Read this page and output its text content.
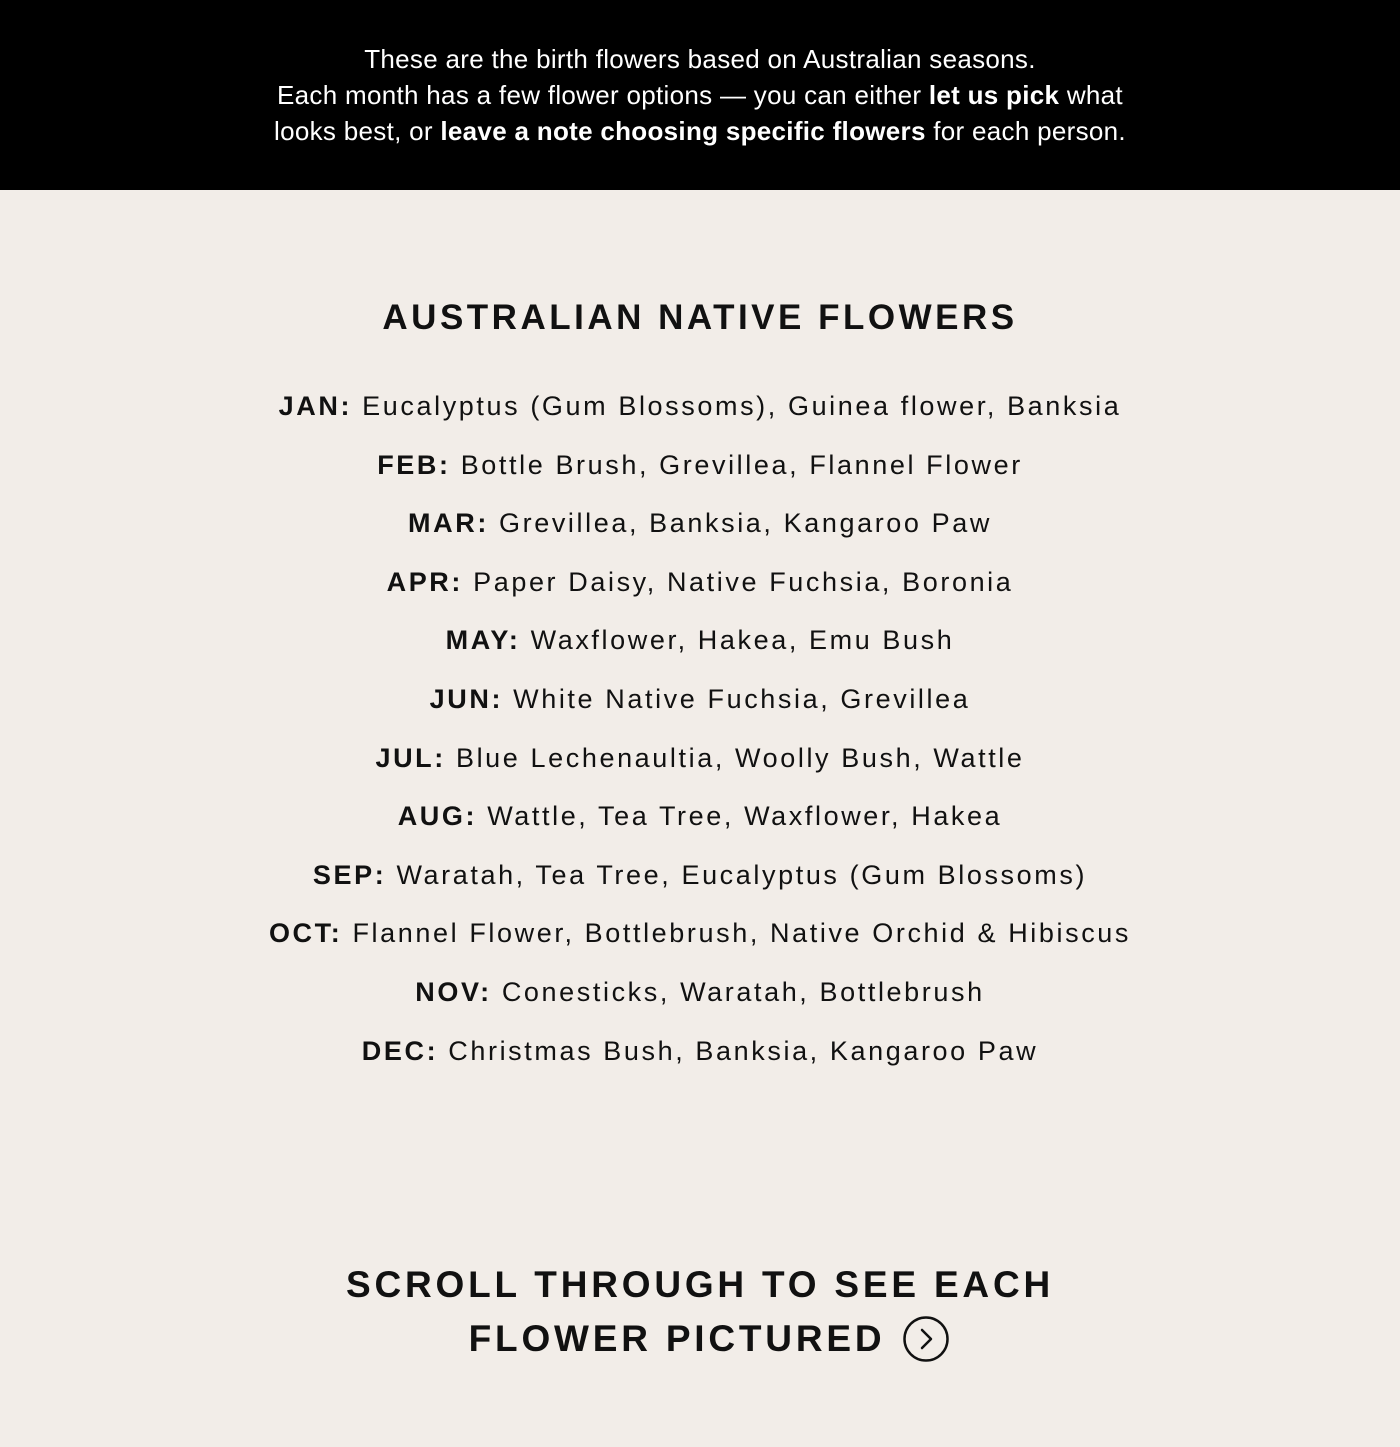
These are the birth flowers based on Australian seasons.
Each month has a few flower options — you can either let us pick what
looks best, or leave a note choosing specific flowers for each person.
AUSTRALIAN NATIVE FLOWERS
JAN: Eucalyptus (Gum Blossoms), Guinea flower, Banksia
FEB: Bottle Brush, Grevillea, Flannel Flower
MAR: Grevillea, Banksia, Kangaroo Paw
APR: Paper Daisy, Native Fuchsia, Boronia
MAY: Waxflower, Hakea, Emu Bush
JUN: White Native Fuchsia, Grevillea
JUL: Blue Lechenaultia, Woolly Bush, Wattle
AUG: Wattle, Tea Tree, Waxflower, Hakea
SEP: Waratah, Tea Tree, Eucalyptus (Gum Blossoms)
OCT: Flannel Flower, Bottlebrush, Native Orchid & Hibiscus
NOV: Conesticks, Waratah, Bottlebrush
DEC: Christmas Bush, Banksia, Kangaroo Paw
SCROLL THROUGH TO SEE EACH
FLOWER PICTURED
